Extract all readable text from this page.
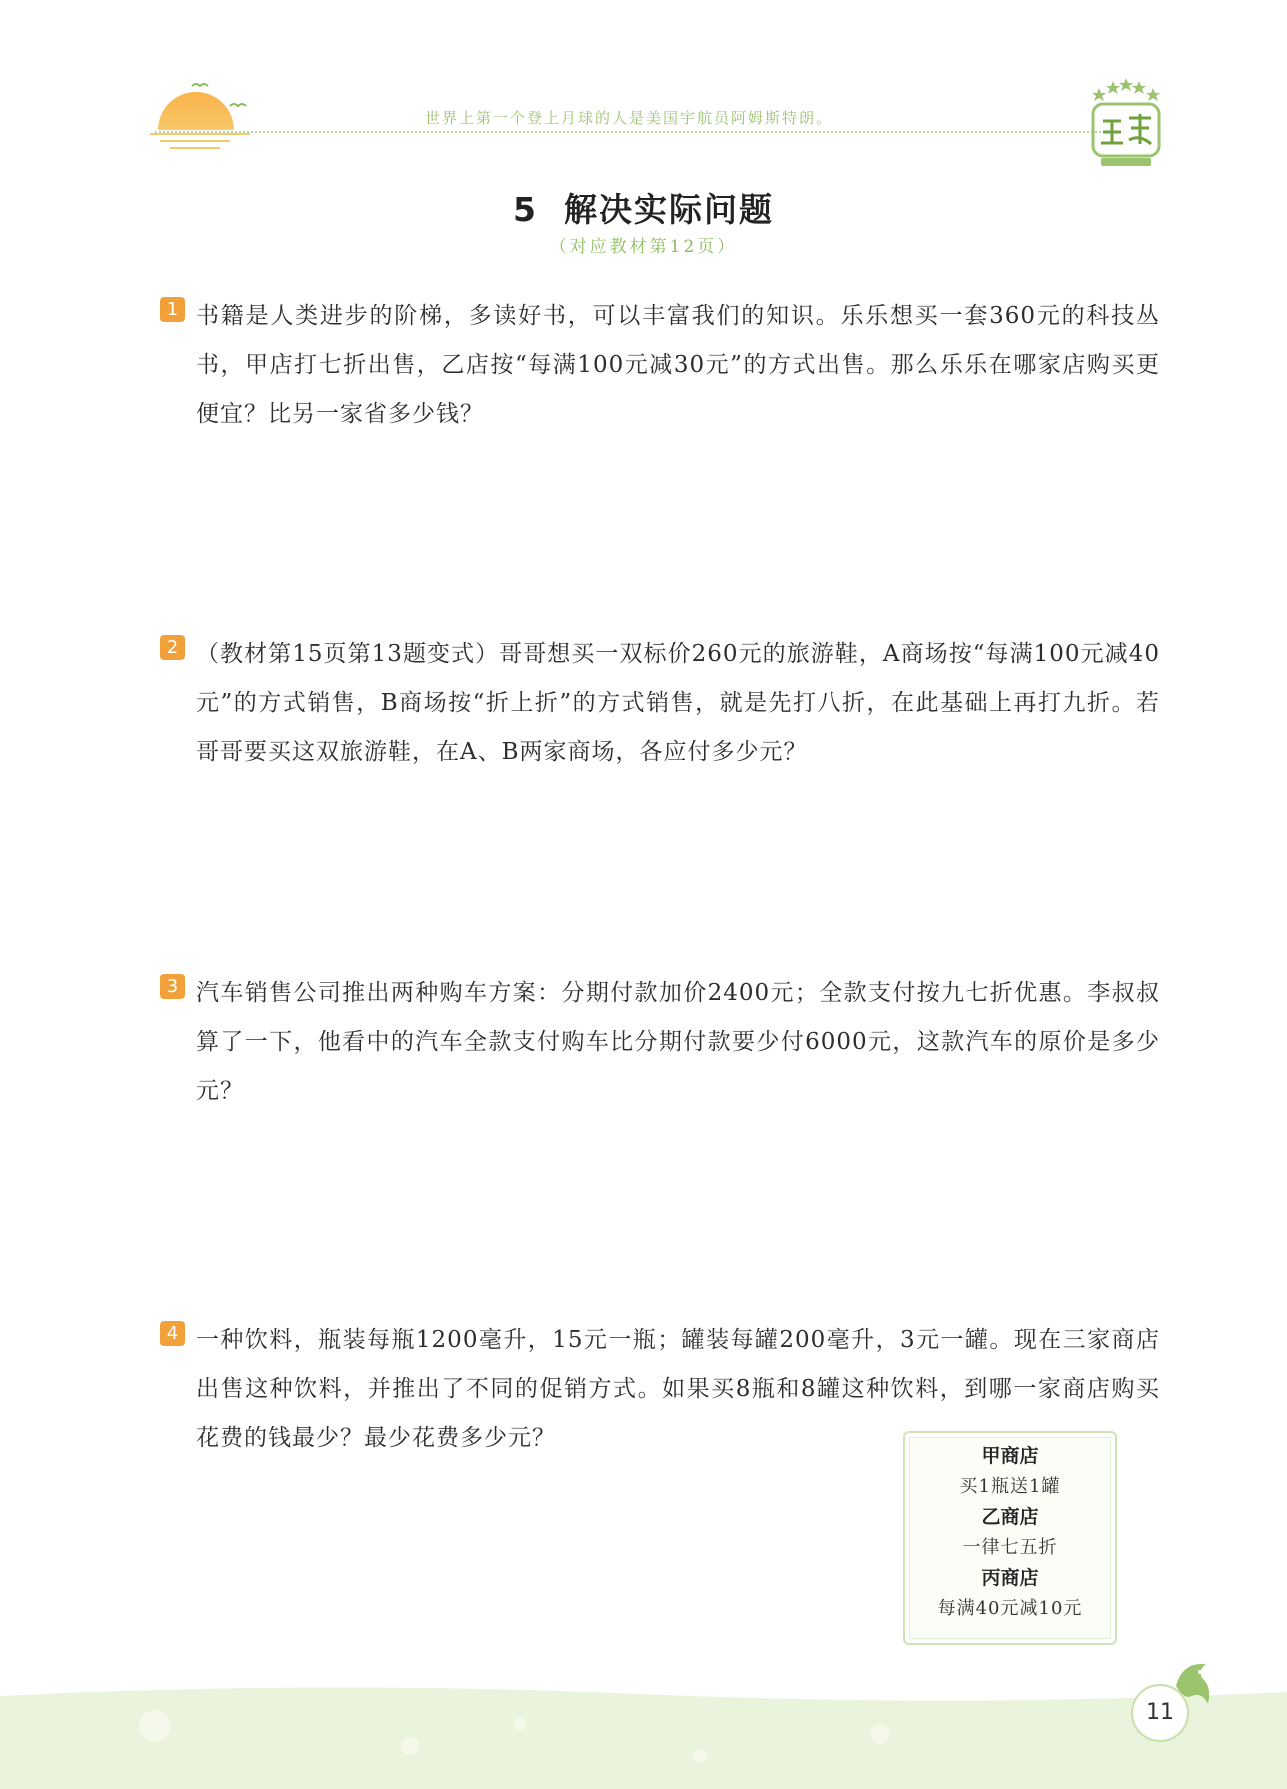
世界上第一个登上月球的人是美国宇航员阿姆斯特朗。
5 解决实际问题
（对应教材第12页）
1 书籍是人类进步的阶梯，多读好书，可以丰富我们的知识。乐乐想买一套360元的科技丛书，甲店打七折出售，乙店按“每满100元减30元”的方式出售。那么乐乐在哪家店购买更便宜？比另一家省多少钱？
2 （教材第15页第13题变式）哥哥想买一双标价260元的旅游鞋，A商场按“每满100元减40元”的方式销售，B商场按“折上折”的方式销售，就是先打八折，在此基础上再打九折。若哥哥要买这双旅游鞋，在A、B两家商场，各应付多少元？
3 汽车销售公司推出两种购车方案：分期付款加价2400元；全款支付按九七折优惠。李叔叔算了一下，他看中的汽车全款支付购车比分期付款要少付6000元，这款汽车的原价是多少元？
4 一种饮料，瓶装每瓶1200毫升，15元一瓶；罐装每罐200毫升，3元一罐。现在三家商店出售这种饮料，并推出了不同的促销方式。如果买8瓶和8罐这种饮料，到哪一家商店购买花费的钱最少？最少花费多少元？
甲商店
买1瓶送1罐
乙商店
一律七五折
丙商店
每满40元减10元
11
